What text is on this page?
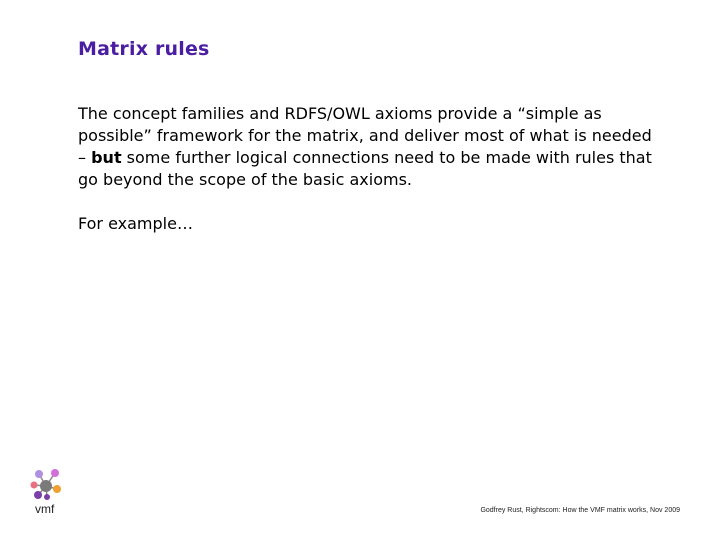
Matrix rules

The concept families and RDFS/OWL axioms provide a “simple as possible” framework for the matrix, and deliver most of what is needed – but some further logical connections need to be made with rules that go beyond the scope of the basic axioms.

For example…

vmf	Godfrey Rust, Rightscom: How the VMF matrix works, Nov 2009
